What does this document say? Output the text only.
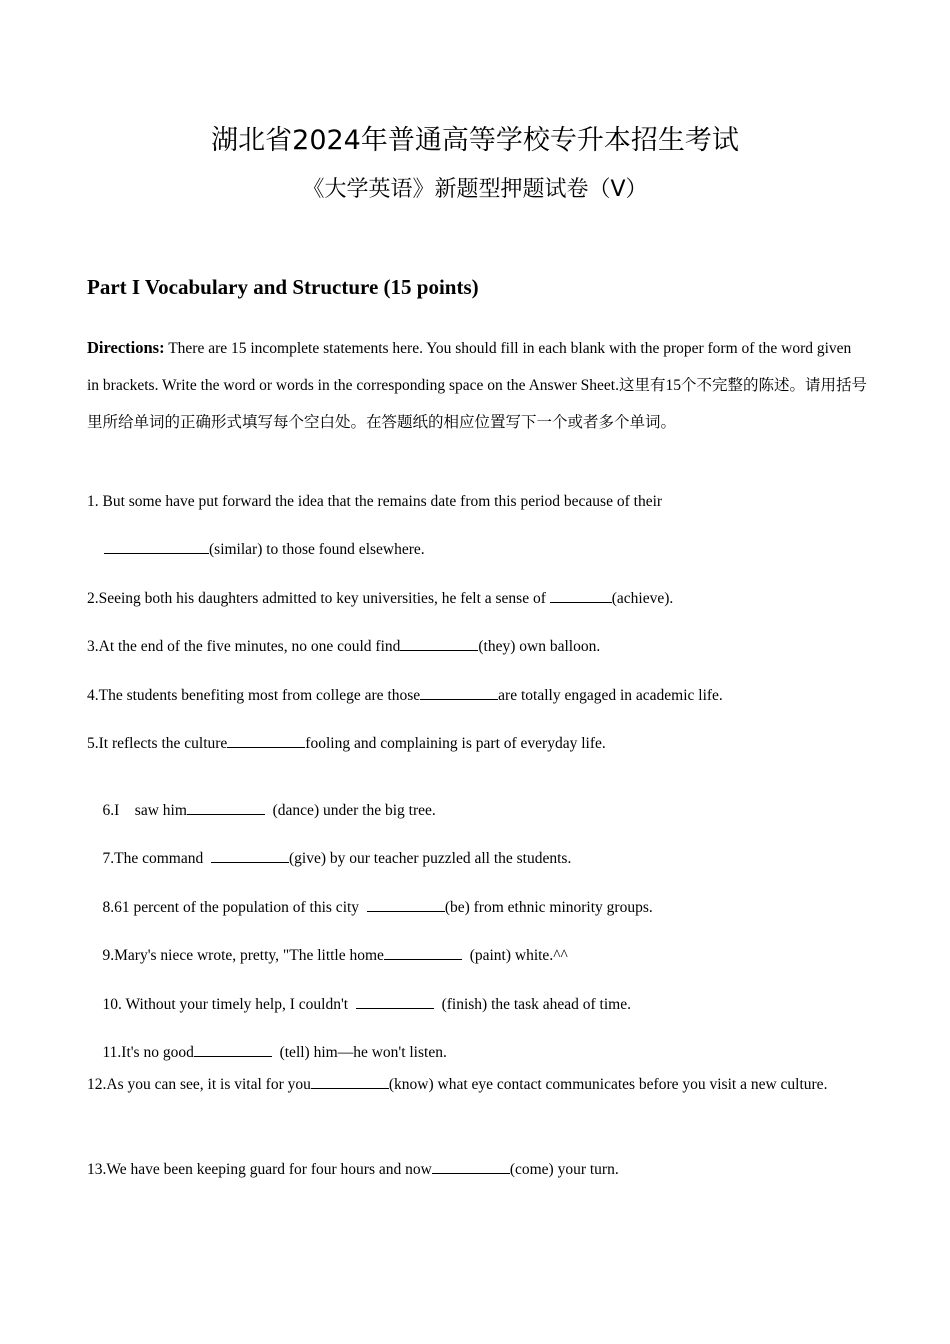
湖北省2024年普通高等学校专升本招生考试
《大学英语》新题型押题试卷（V）
Part I Vocabulary and Structure (15 points)
Directions: There are 15 incomplete statements here. You should fill in each blank with the proper form of the word given in brackets. Write the word or words in the corresponding space on the Answer Sheet.这里有15个不完整的陈述。请用括号里所给单词的正确形式填写每个空白处。在答题纸的相应位置写下一个或者多个单词。
1. But some have put forward the idea that the remains date from this period because of their
(similar) to those found elsewhere.
2.Seeing both his daughters admitted to key universities, he felt a sense of	(achieve).
3.At the end of the five minutes, no one could find	(they) own balloon.
4.The students benefiting most from college are those	are totally engaged in academic life.
5.It reflects the culture	fooling and complaining is part of everyday life.

6.I    saw him	(dance) under the big tree.

7.The command	(give) by our teacher puzzled all the students.

8.61 percent of the population of this city	(be) from ethnic minority groups.

9.Mary's niece wrote, pretty, "The little home	(paint) white.^^

10. Without your timely help, I couldn't	(finish) the task ahead of time.

11.It's no good	(tell) him—he won't listen.

12.As you can see, it is vital for you	(know) what eye contact communicates before you visit a new culture.
13.We have been keeping guard for four hours and now	(come) your turn.
